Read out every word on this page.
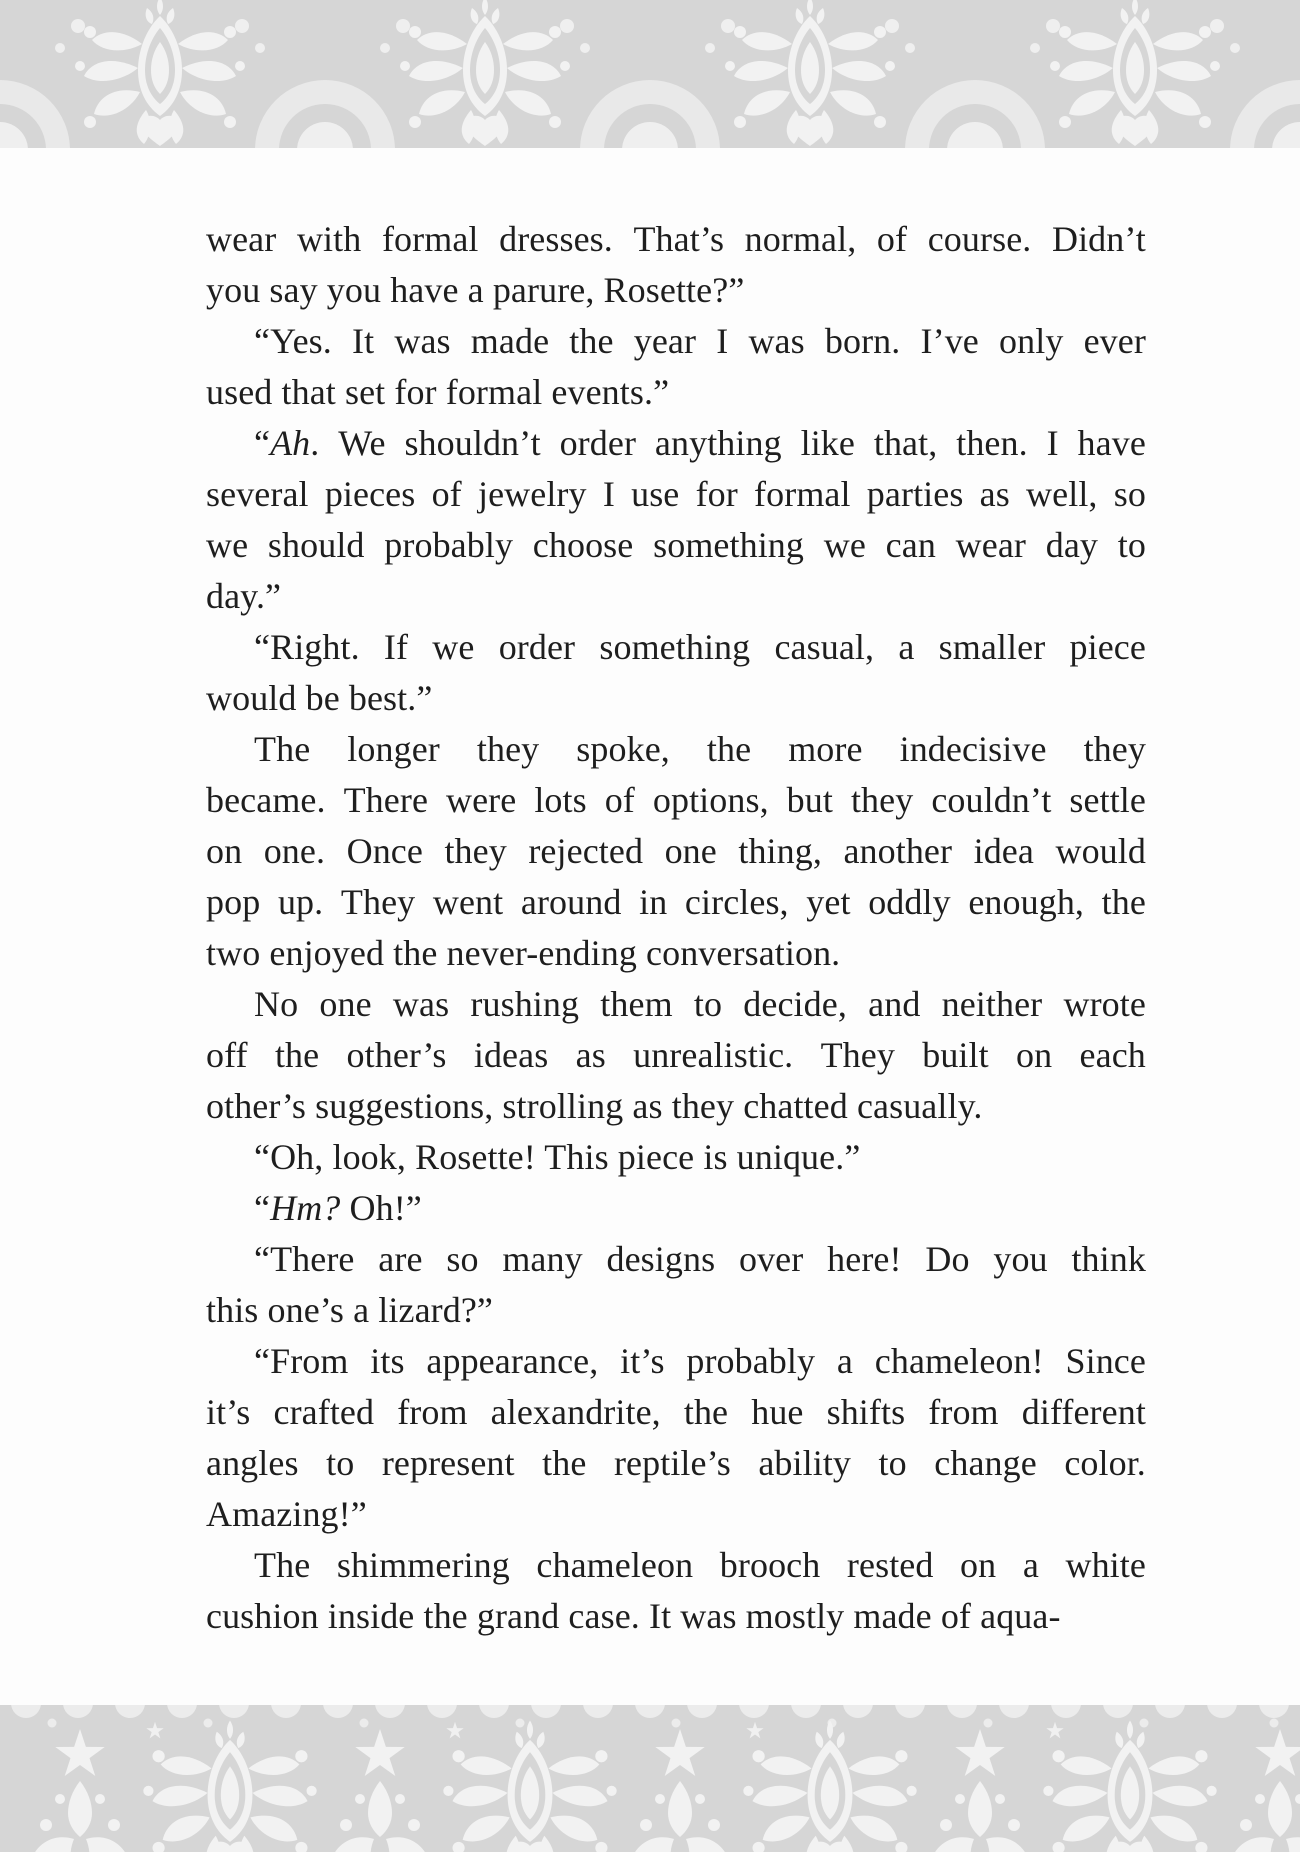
wear with formal dresses. That’s normal, of course. Didn’t
you say you have a parure, Rosette?”
“Yes. It was made the year I was born. I’ve only ever
used that set for formal events.”
“Ah. We shouldn’t order anything like that, then. I have
several pieces of jewelry I use for formal parties as well, so
we should probably choose something we can wear day to
day.”
“Right. If we order something casual, a smaller piece
would be best.”
The longer they spoke, the more indecisive they
became. There were lots of options, but they couldn’t settle
on one. Once they rejected one thing, another idea would
pop up. They went around in circles, yet oddly enough, the
two enjoyed the never-ending conversation.
No one was rushing them to decide, and neither wrote
off the other’s ideas as unrealistic. They built on each
other’s suggestions, strolling as they chatted casually.
“Oh, look, Rosette! This piece is unique.”
“Hm? Oh!”
“There are so many designs over here! Do you think
this one’s a lizard?”
“From its appearance, it’s probably a chameleon! Since
it’s crafted from alexandrite, the hue shifts from different
angles to represent the reptile’s ability to change color.
Amazing!”
The shimmering chameleon brooch rested on a white
cushion inside the grand case. It was mostly made of aqua-
